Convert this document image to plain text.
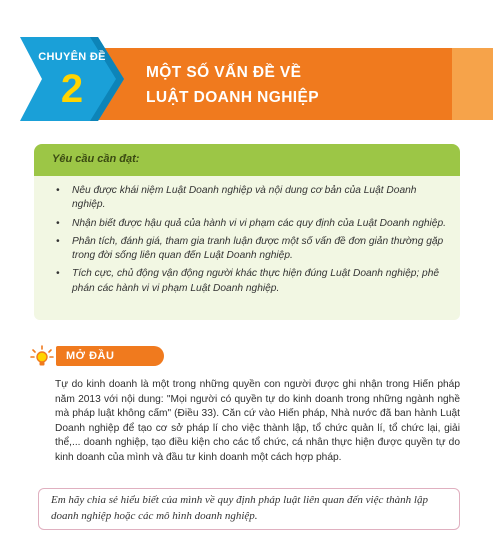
MỘT SỐ VẤN ĐỀ VỀ
LUẬT DOANH NGHIỆP
CHUYÊN ĐỀ
2
Yêu cầu cần đạt:
• Nêu được khái niệm Luật Doanh nghiệp và nội dung cơ bản của Luật Doanh nghiệp.
• Nhận biết được hậu quả của hành vi vi phạm các quy định của Luật Doanh nghiệp.
• Phân tích, đánh giá, tham gia tranh luận được một số vấn đề đơn giản thường gặp trong đời sống liên quan đến Luật Doanh nghiệp.
• Tích cực, chủ động vận động người khác thực hiện đúng Luật Doanh nghiệp; phê phán các hành vi vi phạm Luật Doanh nghiệp.
MỞ ĐẦU
Tự do kinh doanh là một trong những quyền con người được ghi nhận trong Hiến pháp năm 2013 với nội dung: "Mọi người có quyền tự do kinh doanh trong những ngành nghề mà pháp luật không cấm" (Điều 33). Căn cứ vào Hiến pháp, Nhà nước đã ban hành Luật Doanh nghiệp để tạo cơ sở pháp lí cho việc thành lập, tổ chức quản lí, tổ chức lại, giải thể,... doanh nghiệp, tạo điều kiện cho các tổ chức, cá nhân thực hiện được quyền tự do kinh doanh của mình và đầu tư kinh doanh một cách hợp pháp.
Em hãy chia sẻ hiểu biết của mình về quy định pháp luật liên quan đến việc thành lập doanh nghiệp hoặc các mô hình doanh nghiệp.
